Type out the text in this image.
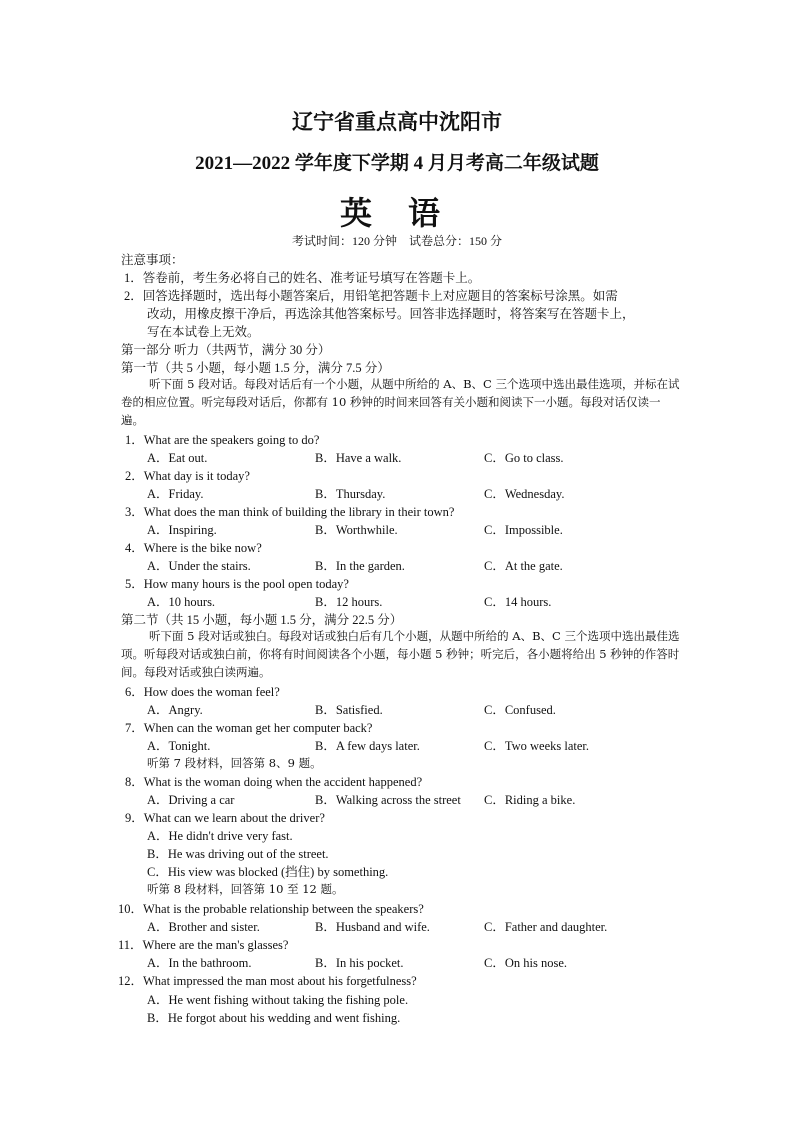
辽宁省重点高中沈阳市
2021—2022 学年度下学期 4 月月考高二年级试题
英 语
考试时间：120 分钟　试卷总分：150 分
注意事项：
1．答卷前，考生务必将自己的姓名、准考证号填写在答题卡上。
2．回答选择题时，选出每小题答案后，用铅笔把答题卡上对应题目的答案标号涂黑。如需
改动，用橡皮擦干净后，再选涂其他答案标号。回答非选择题时，将答案写在答题卡上，
写在本试卷上无效。
第一部分 听力（共两节，满分 30 分）
第一节（共 5 小题，每小题 1.5 分，满分 7.5 分）
听下面 5 段对话。每段对话后有一个小题，从题中所给的 A、B、C 三个选项中选出最佳选项，并标在试卷的相应位置。听完每段对话后，你都有 10 秒钟的时间来回答有关小题和阅读下一小题。每段对话仅读一遍。
1．What are the speakers going to do?
A．Eat out.	B．Have a walk.	C．Go to class.
2．What day is it today?
A．Friday.	B．Thursday.	C．Wednesday.
3．What does the man think of building the library in their town?
A．Inspiring.	B．Worthwhile.	C．Impossible.
4．Where is the bike now?
A．Under the stairs.	B．In the garden.	C．At the gate.
5．How many hours is the pool open today?
A．10 hours.	B．12 hours.	C．14 hours.
第二节（共 15 小题，每小题 1.5 分，满分 22.5 分）
听下面 5 段对话或独白。每段对话或独白后有几个小题，从题中所给的 A、B、C 三个选项中选出最佳选项。听每段对话或独白前，你将有时间阅读各个小题，每小题 5 秒钟；听完后，各小题将给出 5 秒钟的作答时间。每段对话或独白读两遍。
6．How does the woman feel?
A．Angry.	B．Satisfied.	C．Confused.
7．When can the woman get her computer back?
A．Tonight.	B．A few days later.	C．Two weeks later.
听第 7 段材料，回答第 8、9 题。
8．What is the woman doing when the accident happened?
A．Driving a car	B．Walking across the street C．Riding a bike.
9．What can we learn about the driver?
A．He didn't drive very fast.
B．He was driving out of the street.
C．His view was blocked (挡住) by something.
听第 8 段材料，回答第 10 至 12 题。
10．What is the probable relationship between the speakers?
A．Brother and sister.	B．Husband and wife.	C．Father and daughter.
11．Where are the man's glasses?
A．In the bathroom.	B．In his pocket.	C．On his nose.
12．What impressed the man most about his forgetfulness?
A．He went fishing without taking the fishing pole.
B．He forgot about his wedding and went fishing.
